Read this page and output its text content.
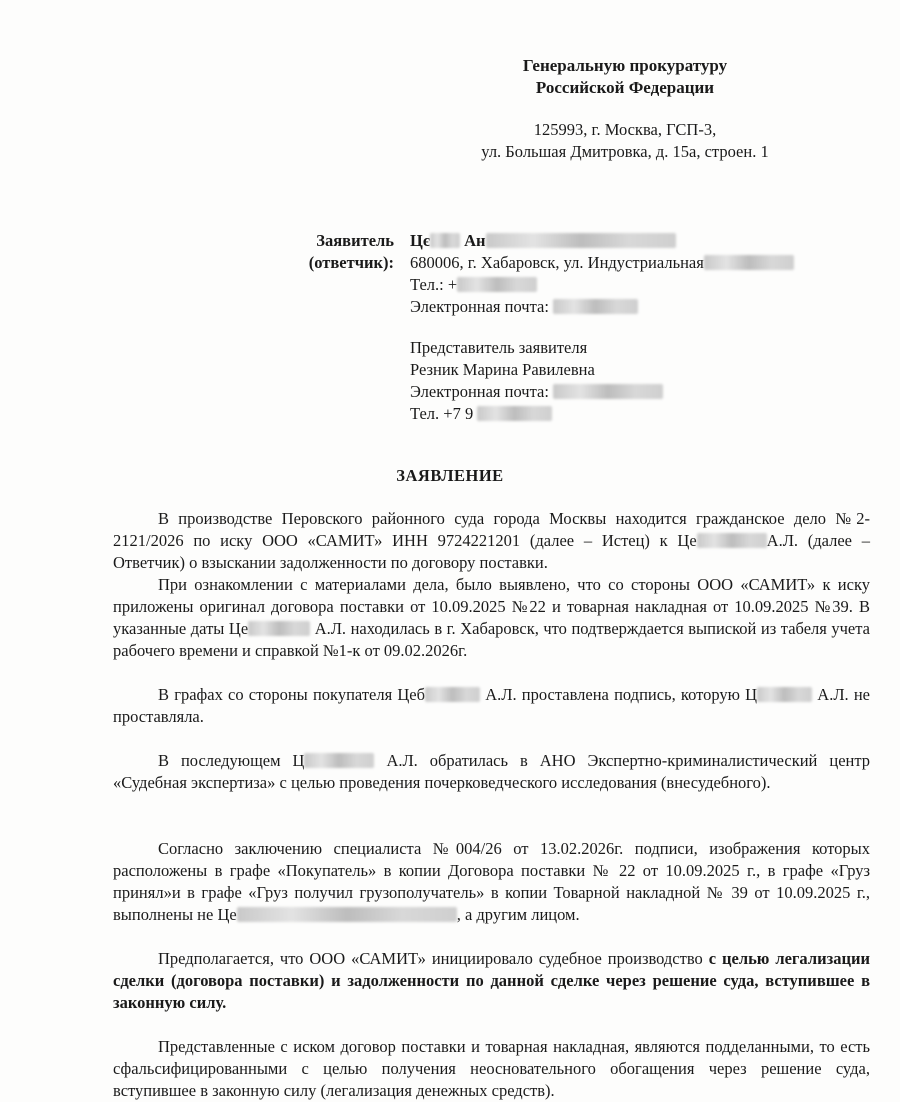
Генеральную прокуратуру
Российской Федерации
125993, г. Москва, ГСП-3,
ул. Большая Дмитровка, д. 15а, строен. 1
Заявитель
(ответчик):
Цє Ан
680006, г. Хабаровск, ул. Индустриальная
Тел.: +
Электронная почта:
Представитель заявителя
Резник Марина Равилевна
Электронная почта:
Тел. +7 9
ЗАЯВЛЕНИЕ

В производстве Перовского районного суда города Москвы находится гражданское дело №2-2121/2026 по иску ООО «САМИТ» ИНН 9724221201 (далее – Истец) к Це	А.Л. (далее – Ответчик) о взыскании задолженности по договору поставки.

При ознакомлении с материалами дела, было выявлено, что со стороны ООО «САМИТ» к иску приложены оригинал договора поставки от 10.09.2025 №22 и товарная накладная от 10.09.2025 №39. В указанные даты Це	А.Л. находилась в г. Хабаровск, что подтверждается выпиской из табеля учета рабочего времени и справкой №1-к от 09.02.2026г.

В графах со стороны покупателя Цеб	А.Л. проставлена подпись, которую Ц	А.Л. не проставляла.

В последующем Ц	А.Л. обратилась в АНО Экспертно-криминалистический центр «Судебная экспертиза» с целью проведения почерковедческого исследования (внесудебного).

Согласно заключению специалиста №004/26 от 13.02.2026г. подписи, изображения которых расположены в графе «Покупатель» в копии Договора поставки № 22 от 10.09.2025 г., в графе «Груз принял»и в графе «Груз получил грузополучатель» в копии Товарной накладной № 39 от 10.09.2025 г., выполнены не Це	, а другим лицом.

Предполагается, что ООО «САМИТ» инициировало судебное производство с целью легализации сделки (договора поставки) и задолженности по данной сделке через решение суда, вступившее в законную силу.

Представленные с иском договор поставки и товарная накладная, являются подделанными, то есть сфальсифицированными с целью получения неосновательного обогащения через решение суда, вступившее в законную силу (легализация денежных средств).
